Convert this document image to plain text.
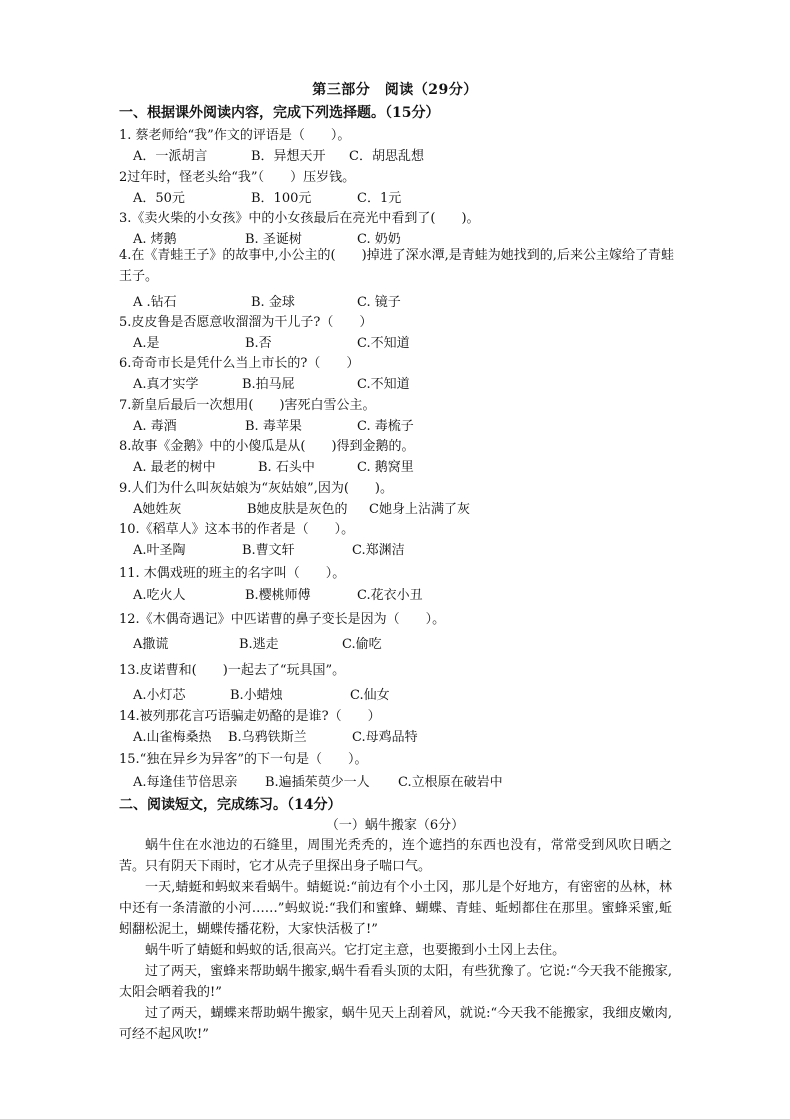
第三部分　阅读（29分）
一、根据课外阅读内容，完成下列选择题。（15分）
1. 蔡老师给“我”作文的评语是（　　）。
A．一派胡言	B．异想天开 C．胡思乱想
2过年时，怪老头给“我”（　　）压岁钱。
A．50元	B．100元	C．1元
3.《卖火柴的小女孩》中的小女孩最后在亮光中看到了(　　)。
A. 烤鹅	B. 圣诞树	C. 奶奶
4.在《青蛙王子》的故事中,小公主的(　　)掉进了深水潭,是青蛙为她找到的,后来公主嫁给了青蛙王子。
A .钻石	B. 金球	C. 镜子
5.皮皮鲁是否愿意收溜溜为干儿子?（　　）
A.是	B.否	C.不知道
6.奇奇市长是凭什么当上市长的?（　　）
A.真才实学	B.拍马屁	C.不知道
7.新皇后最后一次想用(　　)害死白雪公主。
A. 毒酒	B. 毒苹果	C. 毒梳子
8.故事《金鹅》中的小傻瓜是从(　　)得到金鹅的。
A. 最老的树中	B. 石头中	C. 鹅窝里
9.人们为什么叫灰姑娘为“灰姑娘”,因为(　　)。
A她姓灰	B她皮肤是灰色的 C她身上沾满了灰
10.《稻草人》这本书的作者是（　　）。
A.叶圣陶	B.曹文轩	C.郑渊洁
11. 木偶戏班的班主的名字叫（　　）。
A.吃火人	B.樱桃师傅	C.花衣小丑
12.《木偶奇遇记》中匹诺曹的鼻子变长是因为（　　）。
A撒谎	B.逃走	C.偷吃
13.皮诺曹和(　　)一起去了“玩具国”。
A.小灯芯	B.小蜡烛	C.仙女
14.被列那花言巧语骗走奶酪的是谁?（　　）
A.山雀梅桑热 B.乌鸦铁斯兰	C.母鸡品特
15.“独在异乡为异客”的下一句是（　　）。
A.每逢佳节倍思亲 B.遍插茱萸少一人 C.立根原在破岩中
二、阅读短文，完成练习。（14分）
（一）蜗牛搬家（6分）
蜗牛住在水池边的石缝里，周围光秃秃的，连个遮挡的东西也没有，常常受到风吹日晒之苦。只有阴天下雨时，它才从壳子里探出身子喘口气。
一天,蜻蜓和蚂蚁来看蜗牛。蜻蜓说:“前边有个小土冈，那儿是个好地方，有密密的丛林，林中还有一条清澈的小河……”蚂蚁说:“我们和蜜蜂、蝴蝶、青蛙、蚯蚓都住在那里。蜜蜂采蜜,蚯蚓翻松泥土，蝴蝶传播花粉，大家快活极了!”
蜗牛听了蜻蜓和蚂蚁的话,很高兴。它打定主意，也要搬到小土冈上去住。
过了两天，蜜蜂来帮助蜗牛搬家,蜗牛看看头顶的太阳，有些犹豫了。它说:“今天我不能搬家,太阳会晒着我的!”
过了两天，蝴蝶来帮助蜗牛搬家，蜗牛见天上刮着风，就说:“今天我不能搬家，我细皮嫩肉,可经不起风吹!”
